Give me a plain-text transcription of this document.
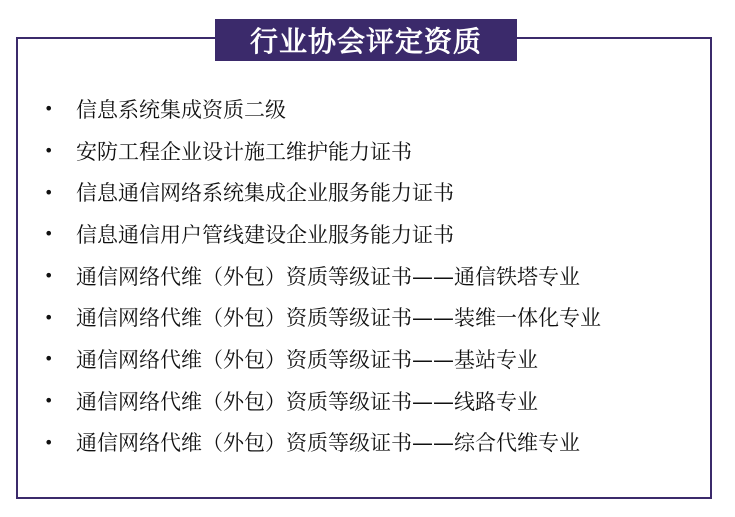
行业协会评定资质
•	信息系统集成资质二级
•	安防工程企业设计施工维护能力证书
•	信息通信网络系统集成企业服务能力证书
•	信息通信用户管线建设企业服务能力证书
•	通信网络代维（外包）资质等级证书——通信铁塔专业
•	通信网络代维（外包）资质等级证书——装维一体化专业
•	通信网络代维（外包）资质等级证书——基站专业
•	通信网络代维（外包）资质等级证书——线路专业
•	通信网络代维（外包）资质等级证书——综合代维专业
